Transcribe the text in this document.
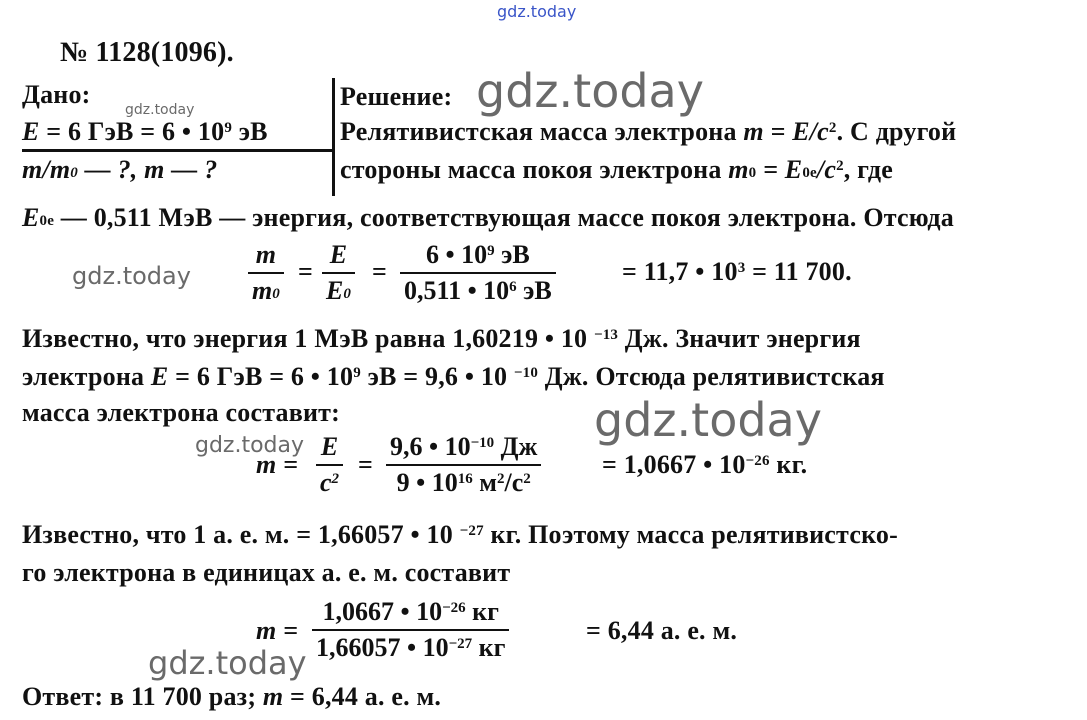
gdz.today
gdz.today
gdz.today
gdz.today
gdz.today
gdz.today
gdz.today
№ 1128(1096).
Дано:
E = 6 ГэВ = 6 • $10^9$ эВ
$m/m_0$ — ?, m — ?
Решение:
Релятивистская масса электрона $m = E/c^2$. С другой
стороны масса покоя электрона $m_0 = E_{0e}/c^2$, где
$E_{0e}$ — 0,511 МэВ — энергия, соответствующая массе покоя электрона. Отсюда
$\frac{m}{m_0} = \frac{E}{E_0}$ =
6 • $10^9$ эВ
0,511 • $10^6$ эВ
= 11,7 • $10^3 = 11$ 700.
Известно, что энергия 1 МэВ равна 1,60219 • 10 $^{-13}$ Дж. Значит энергия
электрона E = 6 ГэВ = 6 • $10^9$ эВ = 9,6 • 10 $^{-10}$ Дж. Отсюда релятивистская
масса электрона составит:
$m = \frac{E}{c^2}$ =
9,6 • $10^{-10}$ Дж
9 • $10^{16}$ $м^2/c^2$	= 1,0667 • $10^{-26}$ кг.
Известно, что 1 а. е. м. = 1,66057 • 10 $^{-27}$ кг. Поэтому масса релятивистско-
го электрона в единицах а. е. м. составит
m =
1,0667 • $10^{-26}$ кг
1,66057 • $10^{-27}$ кг
= 6,44 а. е. м.
Ответ: в 11 700 раз; m = 6,44 а. е. м.
